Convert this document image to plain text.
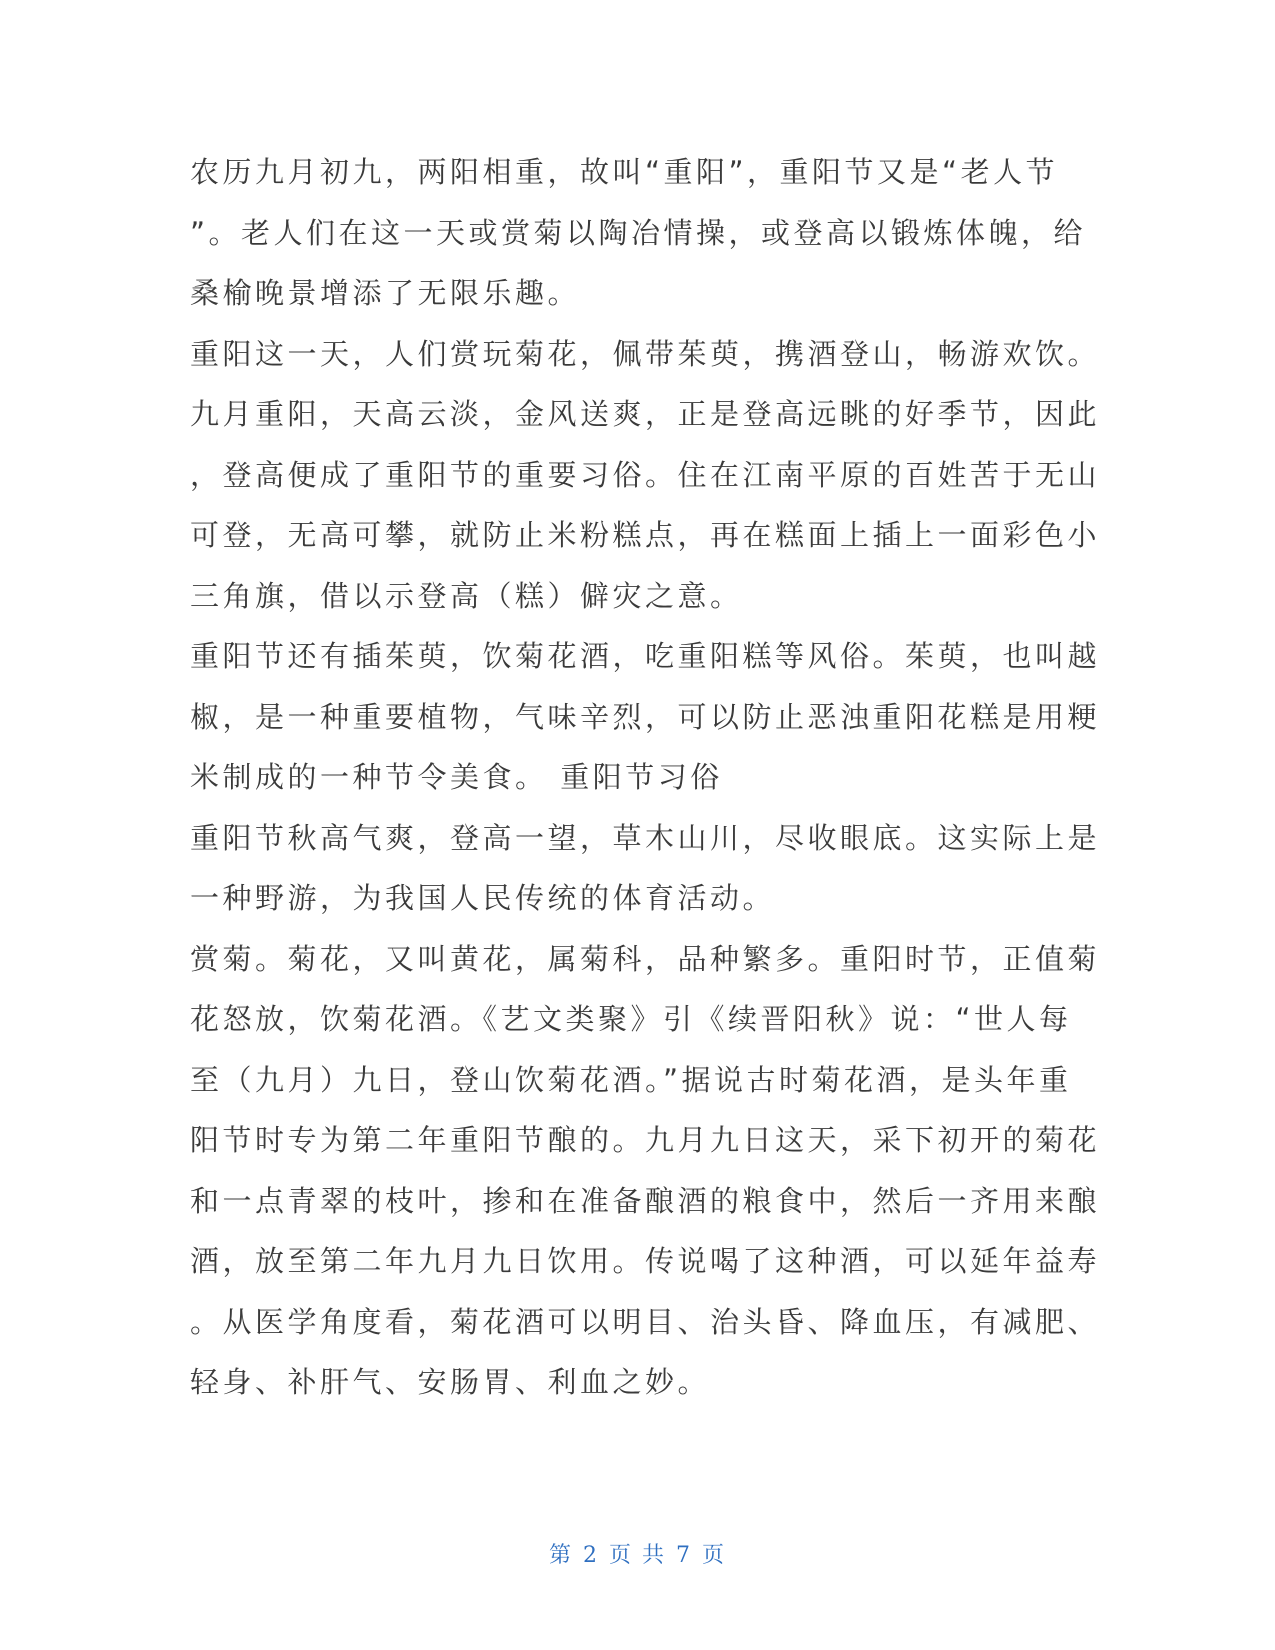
农历九月初九，两阳相重，故叫“重阳”，重阳节又是“老人节

”。老人们在这一天或赏菊以陶冶情操，或登高以锻炼体魄，给

桑榆晚景增添了无限乐趣。

重阳这一天，人们赏玩菊花，佩带茱萸，携酒登山，畅游欢饮。

九月重阳，天高云淡，金风送爽，正是登高远眺的好季节，因此

，登高便成了重阳节的重要习俗。住在江南平原的百姓苦于无山

可登，无高可攀，就防止米粉糕点，再在糕面上插上一面彩色小

三角旗，借以示登高（糕）僻灾之意。

重阳节还有插茱萸，饮菊花酒，吃重阳糕等风俗。茱萸，也叫越

椒，是一种重要植物，气味辛烈，可以防止恶浊重阳花糕是用粳

米制成的一种节令美食。 重阳节习俗

重阳节秋高气爽，登高一望，草木山川，尽收眼底。这实际上是

一种野游，为我国人民传统的体育活动。

赏菊。菊花，又叫黄花，属菊科，品种繁多。重阳时节，正值菊

花怒放，饮菊花酒。《艺文类聚》引《续晋阳秋》说：“世人每

至（九月）九日，登山饮菊花酒。”据说古时菊花酒，是头年重

阳节时专为第二年重阳节酿的。九月九日这天，采下初开的菊花

和一点青翠的枝叶，掺和在准备酿酒的粮食中，然后一齐用来酿

酒，放至第二年九月九日饮用。传说喝了这种酒，可以延年益寿

。从医学角度看，菊花酒可以明目、治头昏、降血压，有减肥、

轻身、补肝气、安肠胃、利血之妙。

第 2 页 共 7 页
